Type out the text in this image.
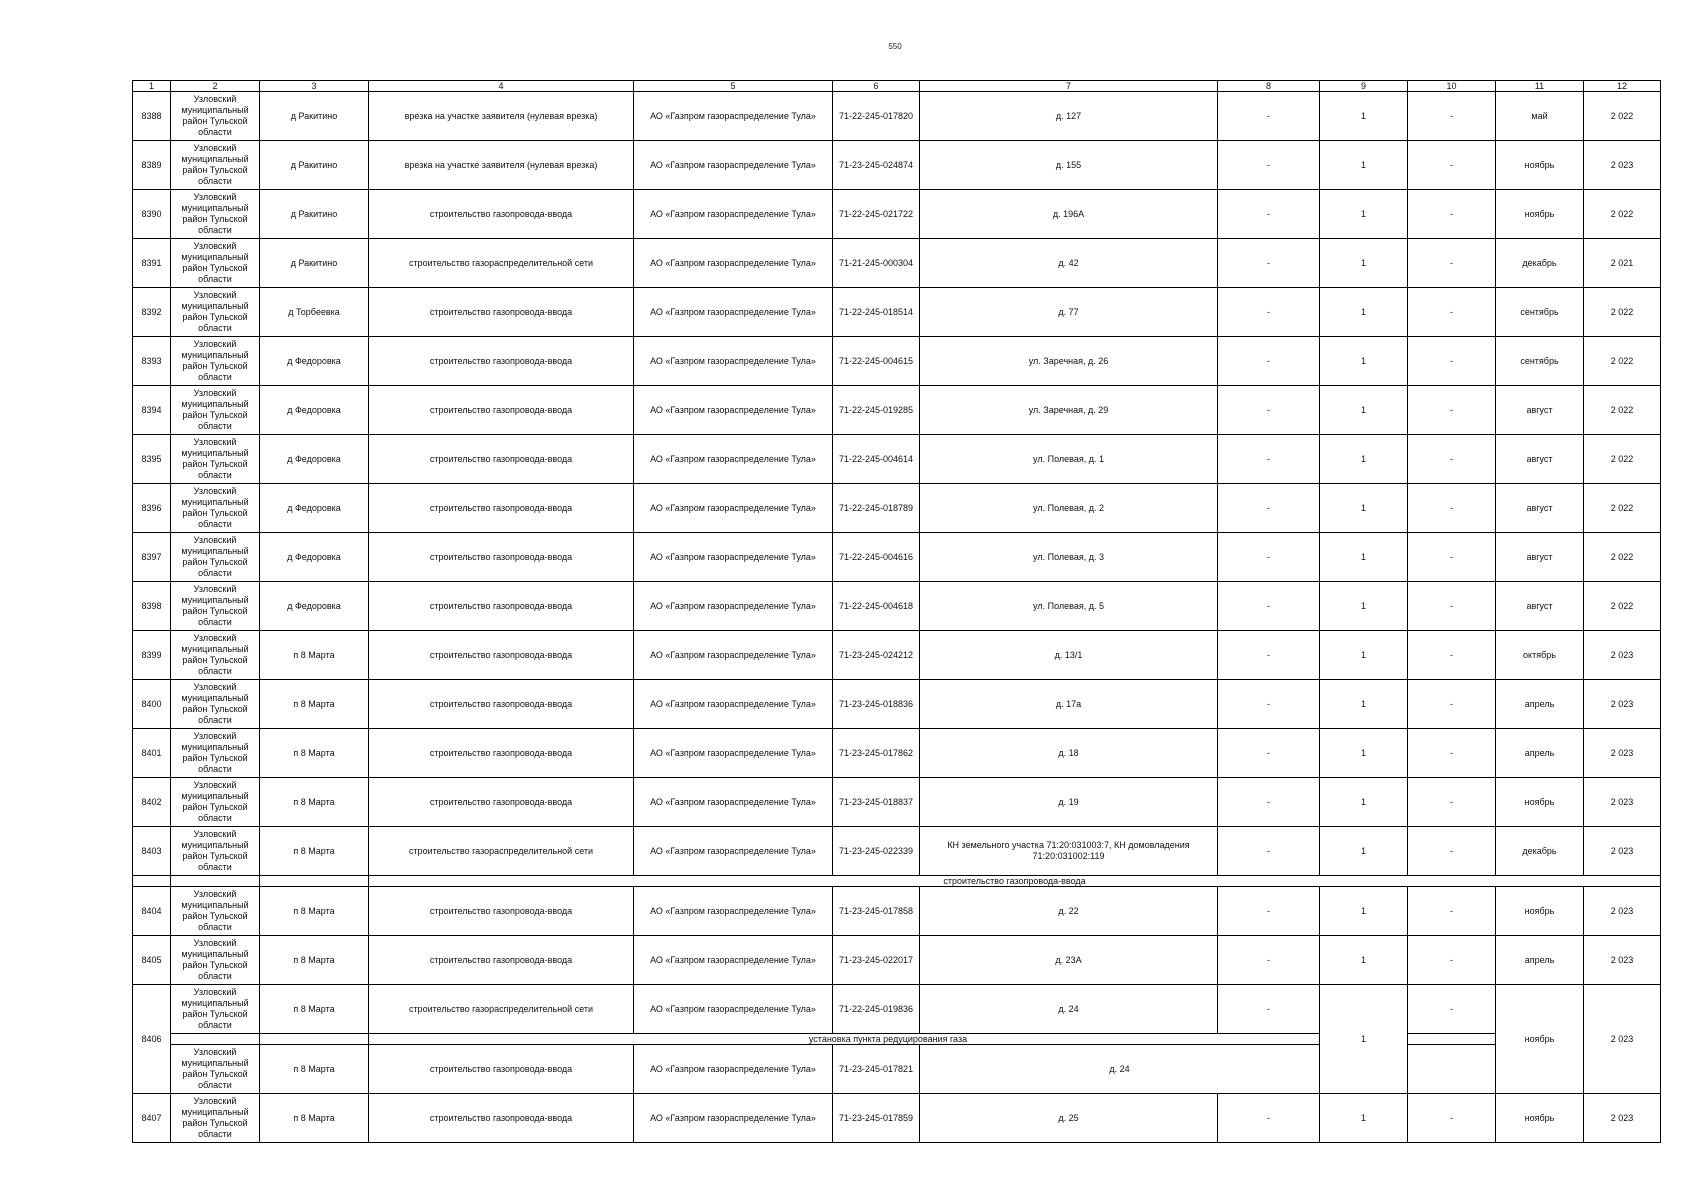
550
1	2	3	4	5	6	7	8	9	10	11	12
8388	Узловский муниципальный район Тульской области	д Ракитино	врезка на участке заявителя (нулевая врезка)	АО «Газпром газораспределение Тула»	71-22-245-017820	д. 127	-	1	-	май	2 022
8389	Узловский муниципальный район Тульской области	д Ракитино	врезка на участке заявителя (нулевая врезка)	АО «Газпром газораспределение Тула»	71-23-245-024874	д. 155	-	1	-	ноябрь	2 023
8390	Узловский муниципальный район Тульской области	д Ракитино	строительство газопровода-ввода	АО «Газпром газораспределение Тула»	71-22-245-021722	д. 196А	-	1	-	ноябрь	2 022
8391	Узловский муниципальный район Тульской области	д Ракитино	строительство газораспределительной сети	АО «Газпром газораспределение Тула»	71-21-245-000304	д. 42	-	1	-	декабрь	2 021
8392	Узловский муниципальный район Тульской области	д Торбеевка	строительство газопровода-ввода	АО «Газпром газораспределение Тула»	71-22-245-018514	д. 77	-	1	-	сентябрь	2 022
8393	Узловский муниципальный район Тульской области	д Федоровка	строительство газопровода-ввода	АО «Газпром газораспределение Тула»	71-22-245-004615	ул. Заречная, д. 26	-	1	-	сентябрь	2 022
8394	Узловский муниципальный район Тульской области	д Федоровка	строительство газопровода-ввода	АО «Газпром газораспределение Тула»	71-22-245-019285	ул. Заречная, д. 29	-	1	-	август	2 022
8395	Узловский муниципальный район Тульской области	д Федоровка	строительство газопровода-ввода	АО «Газпром газораспределение Тула»	71-22-245-004614	ул. Полевая, д. 1	-	1	-	август	2 022
8396	Узловский муниципальный район Тульской области	д Федоровка	строительство газопровода-ввода	АО «Газпром газораспределение Тула»	71-22-245-018789	ул. Полевая, д. 2	-	1	-	август	2 022
8397	Узловский муниципальный район Тульской области	д Федоровка	строительство газопровода-ввода	АО «Газпром газораспределение Тула»	71-22-245-004616	ул. Полевая, д. 3	-	1	-	август	2 022
8398	Узловский муниципальный район Тульской области	д Федоровка	строительство газопровода-ввода	АО «Газпром газораспределение Тула»	71-22-245-004618	ул. Полевая, д. 5	-	1	-	август	2 022
8399	Узловский муниципальный район Тульской области	п 8 Марта	строительство газопровода-ввода	АО «Газпром газораспределение Тула»	71-23-245-024212	д. 13/1	-	1	-	октябрь	2 023
8400	Узловский муниципальный район Тульской области	п 8 Марта	строительство газопровода-ввода	АО «Газпром газораспределение Тула»	71-23-245-018836	д. 17а	-	1	-	апрель	2 023
8401	Узловский муниципальный район Тульской области	п 8 Марта	строительство газопровода-ввода	АО «Газпром газораспределение Тула»	71-23-245-017862	д. 18	-	1	-	апрель	2 023
8402	Узловский муниципальный район Тульской области	п 8 Марта	строительство газопровода-ввода	АО «Газпром газораспределение Тула»	71-23-245-018837	д. 19	-	1	-	ноябрь	2 023
8403	Узловский муниципальный район Тульской области	п 8 Марта	строительство газораспределительной сети	АО «Газпром газораспределение Тула»	71-23-245-022339	КН земельного участка 71:20:031003:7, КН домовладения 71:20:031002:119	-	1	-	декабрь	2 023
			строительство газопровода-ввода								
8404	Узловский муниципальный район Тульской области	п 8 Марта	строительство газопровода-ввода	АО «Газпром газораспределение Тула»	71-23-245-017858	д. 22	-	1	-	ноябрь	2 023
8405	Узловский муниципальный район Тульской области	п 8 Марта	строительство газопровода-ввода	АО «Газпром газораспределение Тула»	71-23-245-022017	д. 23А	-	1	-	апрель	2 023
8406	Узловский муниципальный район Тульской области	п 8 Марта	строительство газораспределительной сети	АО «Газпром газораспределение Тула»	71-22-245-019836	д. 24	-	1	-	ноябрь	2 023
			установка пункта редуцирования газа								
	Узловский муниципальный район Тульской области	п 8 Марта	строительство газопровода-ввода	АО «Газпром газораспределение Тула»	71-23-245-017821	д. 24					
8407	Узловский муниципальный район Тульской области	п 8 Марта	строительство газопровода-ввода	АО «Газпром газораспределение Тула»	71-23-245-017859	д. 25	-	1	-	ноябрь	2 023
